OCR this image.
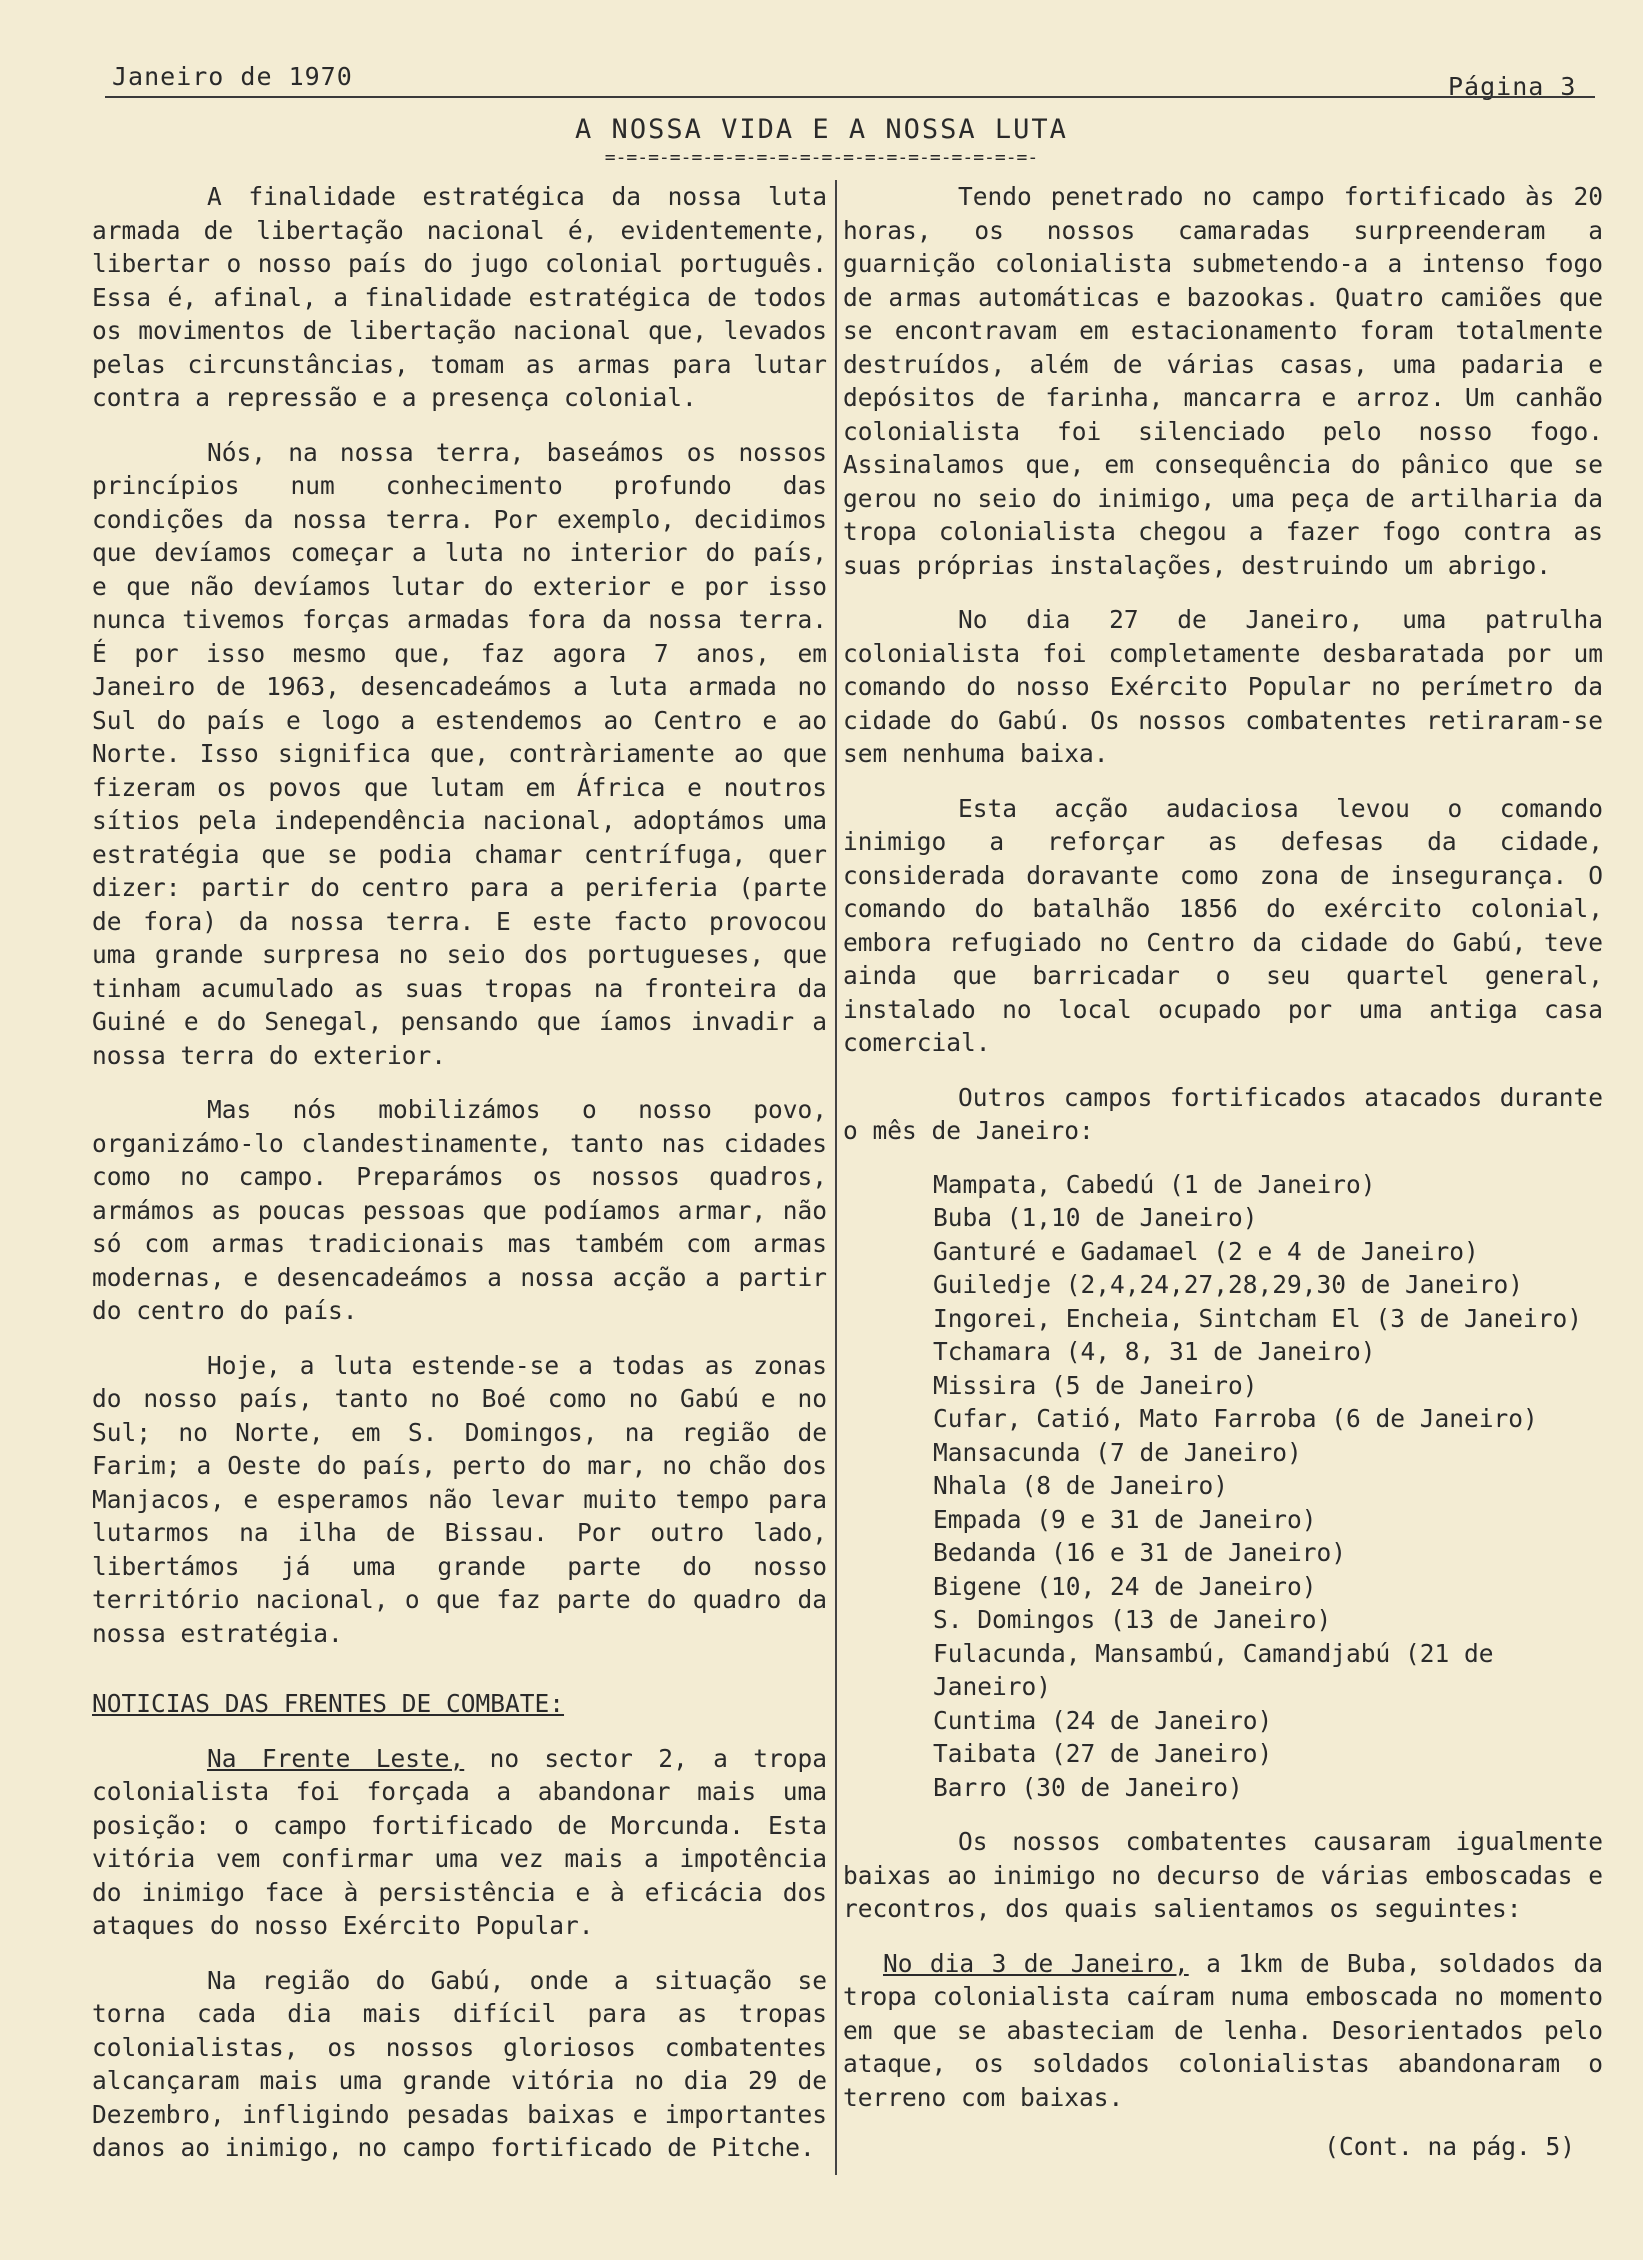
Janeiro de 1970	Página 3
A NOSSA VIDA E A NOSSA LUTA
=-=-=-=-=-=-=-=-=-=-=-=-=-=-=-=-=-=-=-=-

A finalidade estratégica da nossa luta armada de libertação nacional é, evidentemente, libertar o nosso país do jugo colonial português. Essa é, afinal, a finalidade estratégica de todos os movimentos de libertação nacional que, levados pelas circunstâncias, tomam as armas para lutar contra a repressão e a presença colonial.

Nós, na nossa terra, baseámos os nossos princípios num conhecimento profundo das condições da nossa terra. Por exemplo, decidimos que devíamos começar a luta no interior do país, e que não devíamos lutar do exterior e por isso nunca tivemos forças armadas fora da nossa terra. É por isso mesmo que, faz agora 7 anos, em Janeiro de 1963, desencadeámos a luta armada no Sul do país e logo a estendemos ao Centro e ao Norte. Isso significa que, contràriamente ao que fizeram os povos que lutam em África e noutros sítios pela independência nacional, adoptámos uma estratégia que se podia chamar centrífuga, quer dizer: partir do centro para a periferia (parte de fora) da nossa terra. E este facto provocou uma grande surpresa no seio dos portugueses, que tinham acumulado as suas tropas na fronteira da Guiné e do Senegal, pensando que íamos invadir a nossa terra do exterior.

Mas nós mobilizámos o nosso povo, organizámo-lo clandestinamente, tanto nas cidades como no campo. Preparámos os nossos quadros, armámos as poucas pessoas que podíamos armar, não só com armas tradicionais mas também com armas modernas, e desencadeámos a nossa acção a partir do centro do país.

Hoje, a luta estende-se a todas as zonas do nosso país, tanto no Boé como no Gabú e no Sul; no Norte, em S. Domingos, na região de Farim; a Oeste do país, perto do mar, no chão dos Manjacos, e esperamos não levar muito tempo para lutarmos na ilha de Bissau. Por outro lado, libertámos já uma grande parte do nosso território nacional, o que faz parte do quadro da nossa estratégia.

NOTICIAS DAS FRENTES DE COMBATE:

Na Frente Leste, no sector 2, a tropa colonialista foi forçada a abandonar mais uma posição: o campo fortificado de Morcunda. Esta vitória vem confirmar uma vez mais a impotência do inimigo face à persistência e à eficácia dos ataques do nosso Exército Popular.

Na região do Gabú, onde a situação se torna cada dia mais difícil para as tropas colonialistas, os nossos gloriosos combatentes alcançaram mais uma grande vitória no dia 29 de Dezembro, infligindo pesadas baixas e importantes danos ao inimigo, no campo fortificado de Pitche.

Tendo penetrado no campo fortificado às 20 horas, os nossos camaradas surpreenderam a guarnição colonialista submetendo-a a intenso fogo de armas automáticas e bazookas. Quatro camiões que se encontravam em estacionamento foram totalmente destruídos, além de várias casas, uma padaria e depósitos de farinha, mancarra e arroz. Um canhão colonialista foi silenciado pelo nosso fogo. Assinalamos que, em consequência do pânico que se gerou no seio do inimigo, uma peça de artilharia da tropa colonialista chegou a fazer fogo contra as suas próprias instalações, destruindo um abrigo.

No dia 27 de Janeiro, uma patrulha colonialista foi completamente desbaratada por um comando do nosso Exército Popular no perímetro da cidade do Gabú. Os nossos combatentes retiraram-se sem nenhuma baixa.

Esta acção audaciosa levou o comando inimigo a reforçar as defesas da cidade, considerada doravante como zona de insegurança. O comando do batalhão 1856 do exército colonial, embora refugiado no Centro da cidade do Gabú, teve ainda que barricadar o seu quartel general, instalado no local ocupado por uma antiga casa comercial.

Outros campos fortificados atacados durante o mês de Janeiro:

Mampata, Cabedú (1 de Janeiro)
Buba (1,10 de Janeiro)
Ganturé e Gadamael (2 e 4 de Janeiro)
Guiledje (2,4,24,27,28,29,30 de Janeiro)
Ingorei, Encheia, Sintcham El (3 de Janeiro)
Tchamara (4, 8, 31 de Janeiro)
Missira (5 de Janeiro)
Cufar, Catió, Mato Farroba (6 de Janeiro)
Mansacunda (7 de Janeiro)
Nhala (8 de Janeiro)
Empada (9 e 31 de Janeiro)
Bedanda (16 e 31 de Janeiro)
Bigene (10, 24 de Janeiro)
S. Domingos (13 de Janeiro)
Fulacunda, Mansambú, Camandjabú (21 de Janeiro)
Cuntima (24 de Janeiro)
Taibata (27 de Janeiro)
Barro (30 de Janeiro)

Os nossos combatentes causaram igualmente baixas ao inimigo no decurso de várias emboscadas e recontros, dos quais salientamos os seguintes:

No dia 3 de Janeiro, a 1km de Buba, soldados da tropa colonialista caíram numa emboscada no momento em que se abasteciam de lenha. Desorientados pelo ataque, os soldados colonialistas abandonaram o terreno com baixas.

(Cont. na pág. 5)
